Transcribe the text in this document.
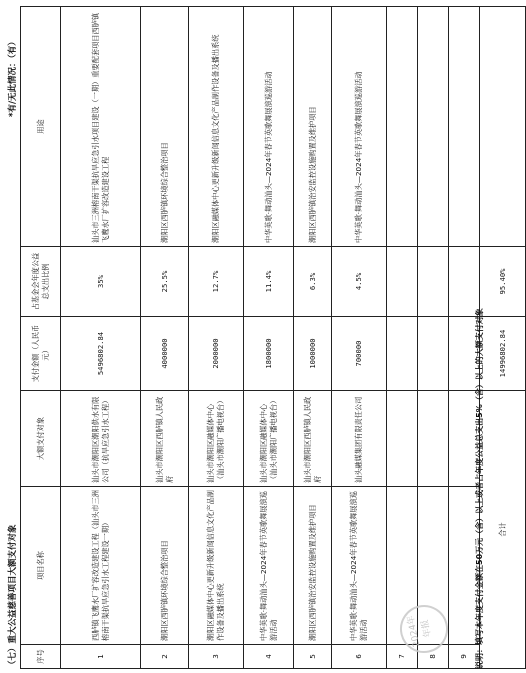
（七）重大公益慈善项目大额支付对象
*有/无此情况：（有）
序号	项目名称	大额支付对象	支付金额（人民币元）	占基金会年度公益总支出比例	用途
1	西胪镇飞鹰水厂扩容改造建设工程（汕头市三洲榕南干渠抗旱应急引水工程建设一期）	汕头市潮阳区潮阳供水有限公司（抗旱应急引水工程）	5496802.84	35%	汕头市三洲榕南干渠抗旱应急引水项目建设（一期）重要配套项目西胪镇飞鹰水厂扩容改造建设工程
2	潮阳区西胪镇环境综合整治项目	汕头市潮阳区西胪镇人民政府	4000000	25.5%	潮阳区西胪镇环境综合整治项目
3	潮阳区融媒体中心更新升级新闻信息文化产品制作设备及播出系统	汕头市潮阳区融媒体中心（汕头市潮阳广播电视台）	2000000	12.7%	潮阳区融媒体中心更新升级新闻信息文化产品制作设备及播出系统
4	中华英歌·舞动汕头—2024年春节英歌舞展演巡游活动	汕头市潮阳区融媒体中心（汕头市潮阳广播电视台）	1800000	11.4%	中华英歌·舞动汕头—2024年春节英歌舞展演巡游活动
5	潮阳区西胪镇治安监控设施购置及维护项目	汕头市潮阳区西胪镇人民政府	1000000	6.3%	潮阳区西胪镇治安监控设施购置及维护项目
6	中华英歌·舞动汕头—2024年春节英歌舞展演巡游活动	汕头融媒集团有限责任公司	700000	4.5%	中华英歌·舞动汕头—2024年春节英歌舞展演巡游活动
7					
8					
9					
合计			14996802.84	95.40%	
说明：填写本年度支付金额在50万元（含）以上或者占年度公益总支出5%（含）以上的大额支付对象
2024年
年报
